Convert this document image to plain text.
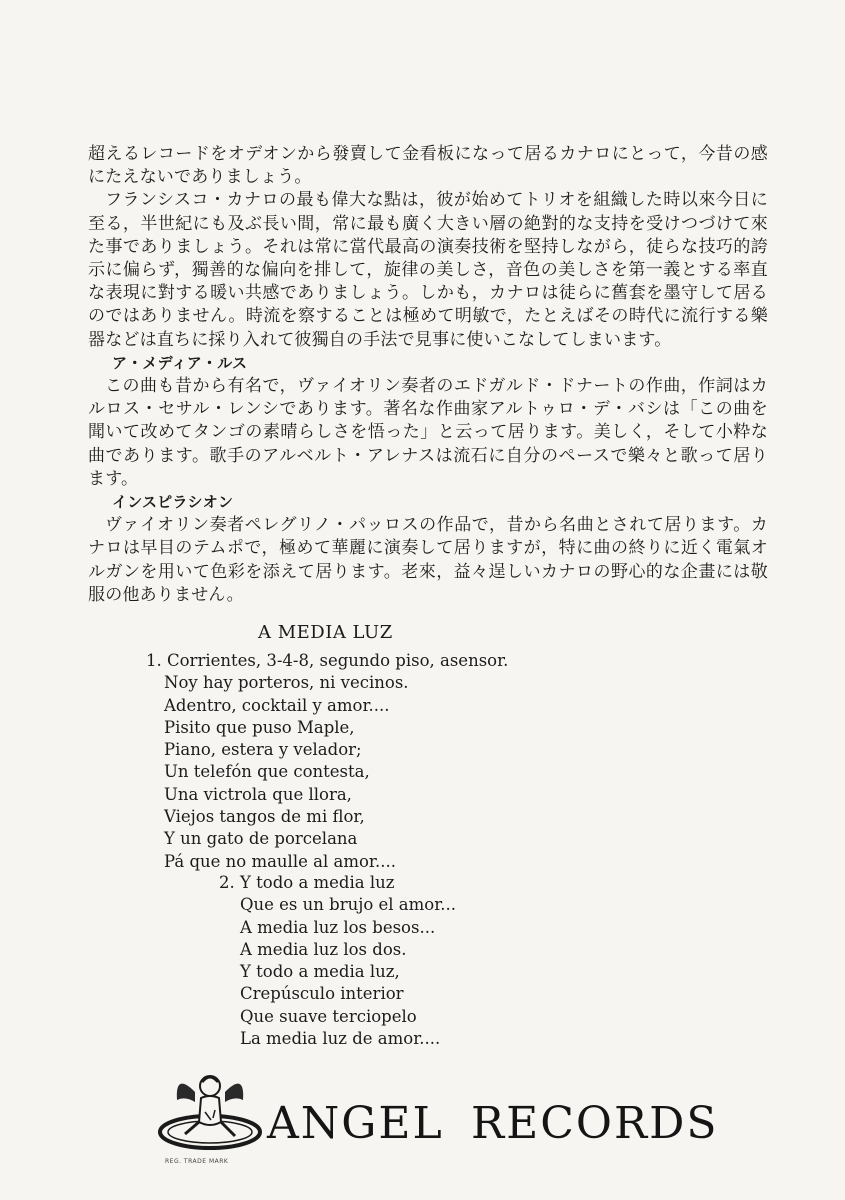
超えるレコードをオデオンから發賣して金看板になって居るカナロにとって，今昔の感にたえないでありましょう。

フランシスコ・カナロの最も偉大な點は，彼が始めてトリオを組織した時以來今日に至る，半世紀にも及ぶ長い間，常に最も廣く大きい層の絶對的な支持を受けつづけて來た事でありましょう。それは常に當代最高の演奏技術を堅持しながら，徒らな技巧的誇示に偏らず，獨善的な偏向を排して，旋律の美しさ，音色の美しさを第一義とする率直な表現に對する暖い共感でありましょう。しかも，カナロは徒らに舊套を墨守して居るのではありません。時流を察することは極めて明敏で，たとえばその時代に流行する樂器などは直ちに採り入れて彼獨自の手法で見事に使いこなしてしまいます。

ア・メディア・ルス

この曲も昔から有名で，ヴァイオリン奏者のエドガルド・ドナートの作曲，作詞はカルロス・セサル・レンシであります。著名な作曲家アルトゥロ・デ・バシは「この曲を聞いて改めてタンゴの素晴らしさを悟った」と云って居ります。美しく，そして小粋な曲であります。歌手のアルベルト・アレナスは流石に自分のペースで樂々と歌って居ります。

インスピラシオン

ヴァイオリン奏者ペレグリノ・パッロスの作品で，昔から名曲とされて居ります。カナロは早目のテムポで，極めて華麗に演奏して居りますが，特に曲の終りに近く電氣オルガンを用いて色彩を添えて居ります。老來，益々逞しいカナロの野心的な企畫には敬服の他ありません。

A MEDIA LUZ
1. Corrientes, 3-4-8, segundo piso, asensor.
Noy hay porteros, ni vecinos.
Adentro, cocktail y amor....
Pisito que puso Maple,
Piano, estera y velador;
Un telefón que contesta,
Una victrola que llora,
Viejos tangos de mi flor,
Y un gato de porcelana
Pá que no maulle al amor....
2. Y todo a media luz
Que es un brujo el amor...
A media luz los besos...
A media luz los dos.
Y todo a media luz,
Crepúsculo interior
Que suave terciopelo
La media luz de amor....
REG. TRADE MARK
ANGEL RECORDS
